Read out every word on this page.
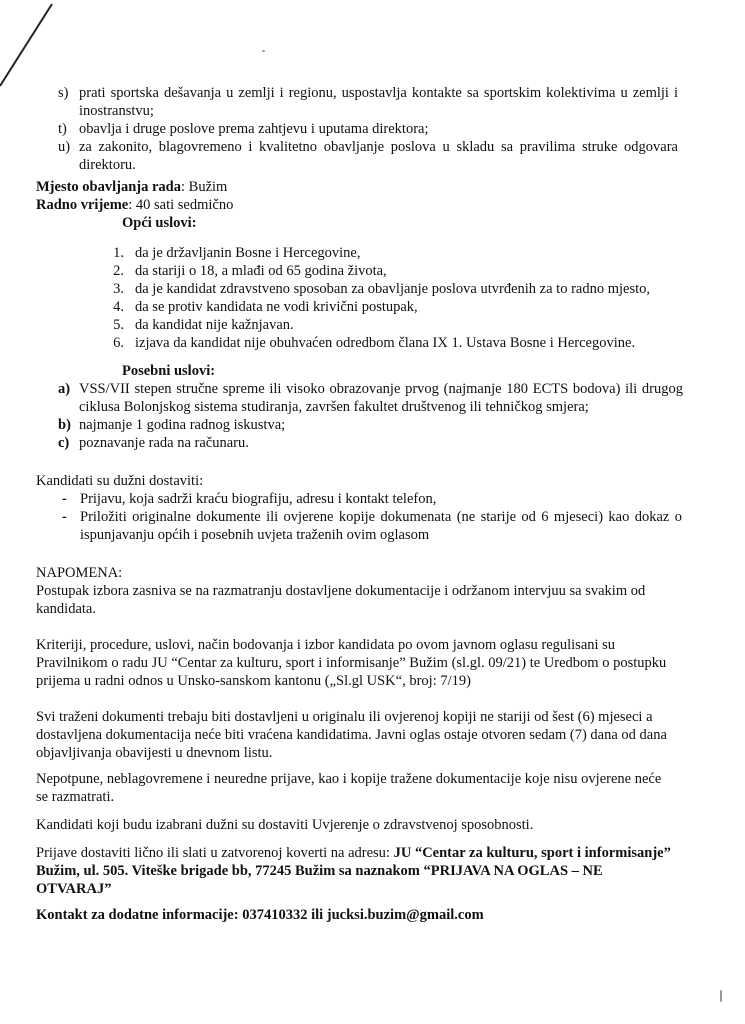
s) prati sportska dešavanja u zemlji i regionu, uspostavlja kontakte sa sportskim kolektivima u zemlji i inostranstvu;
t) obavlja i druge poslove prema zahtjevu i uputama direktora;
u) za zakonito, blagovremeno i kvalitetno obavljanje poslova u skladu sa pravilima struke odgovara direktoru.
Mjesto obavljanja rada: Bužim
Radno vrijeme: 40 sati sedmično
Opći uslovi:
1. da je državljanin Bosne i Hercegovine,
2. da stariji o 18, a mlađi od 65 godina života,
3. da je kandidat zdravstveno sposoban za obavljanje poslova utvrđenih za to radno mjesto,
4. da se protiv kandidata ne vodi krivični postupak,
5. da kandidat nije kažnjavan.
6. izjava da kandidat nije obuhvaćen odredbom člana IX 1. Ustava Bosne i Hercegovine.
Posebni uslovi:
a) VSS/VII stepen stručne spreme ili visoko obrazovanje prvog (najmanje 180 ECTS bodova) ili drugog ciklusa Bolonjskog sistema studiranja, završen fakultet društvenog ili tehničkog smjera;
b) najmanje 1 godina radnog iskustva;
c) poznavanje rada na računaru.
Kandidati su dužni dostaviti:
- Prijavu, koja sadrži kraću biografiju, adresu i kontakt telefon,
- Priložiti originalne dokumente ili ovjerene kopije dokumenata (ne starije od 6 mjeseci) kao dokaz o ispunjavanju općih i posebnih uvjeta traženih ovim oglasom
NAPOMENA:
Postupak izbora zasniva se na razmatranju dostavljene dokumentacije i održanom intervjuu sa svakim od kandidata.
Kriteriji, procedure, uslovi, način bodovanja i izbor kandidata po ovom javnom oglasu regulisani su Pravilnikom o radu JU “Centar za kulturu, sport i informisanje” Bužim (sl.gl. 09/21) te Uredbom o postupku prijema u radni odnos u Unsko-sanskom kantonu („Sl.gl USK“, broj: 7/19)
Svi traženi dokumenti trebaju biti dostavljeni u originalu ili ovjerenoj kopiji ne stariji od šest (6) mjeseci a dostavljena dokumentacija neće biti vraćena kandidatima. Javni oglas ostaje otvoren sedam (7) dana od dana objavljivanja obavijesti u dnevnom listu.
Nepotpune, neblagovremene i neuredne prijave, kao i kopije tražene dokumentacije koje nisu ovjerene neće se razmatrati.
Kandidati koji budu izabrani dužni su dostaviti Uvjerenje o zdravstvenoj sposobnosti.
Prijave dostaviti lično ili slati u zatvorenoj koverti na adresu: JU “Centar za kulturu, sport i informisanje” Bužim, ul. 505. Viteške brigade bb, 77245 Bužim sa naznakom “PRIJAVA NA OGLAS – NE OTVARAJ”
Kontakt za dodatne informacije: 037410332 ili jucksi.buzim@gmail.com
